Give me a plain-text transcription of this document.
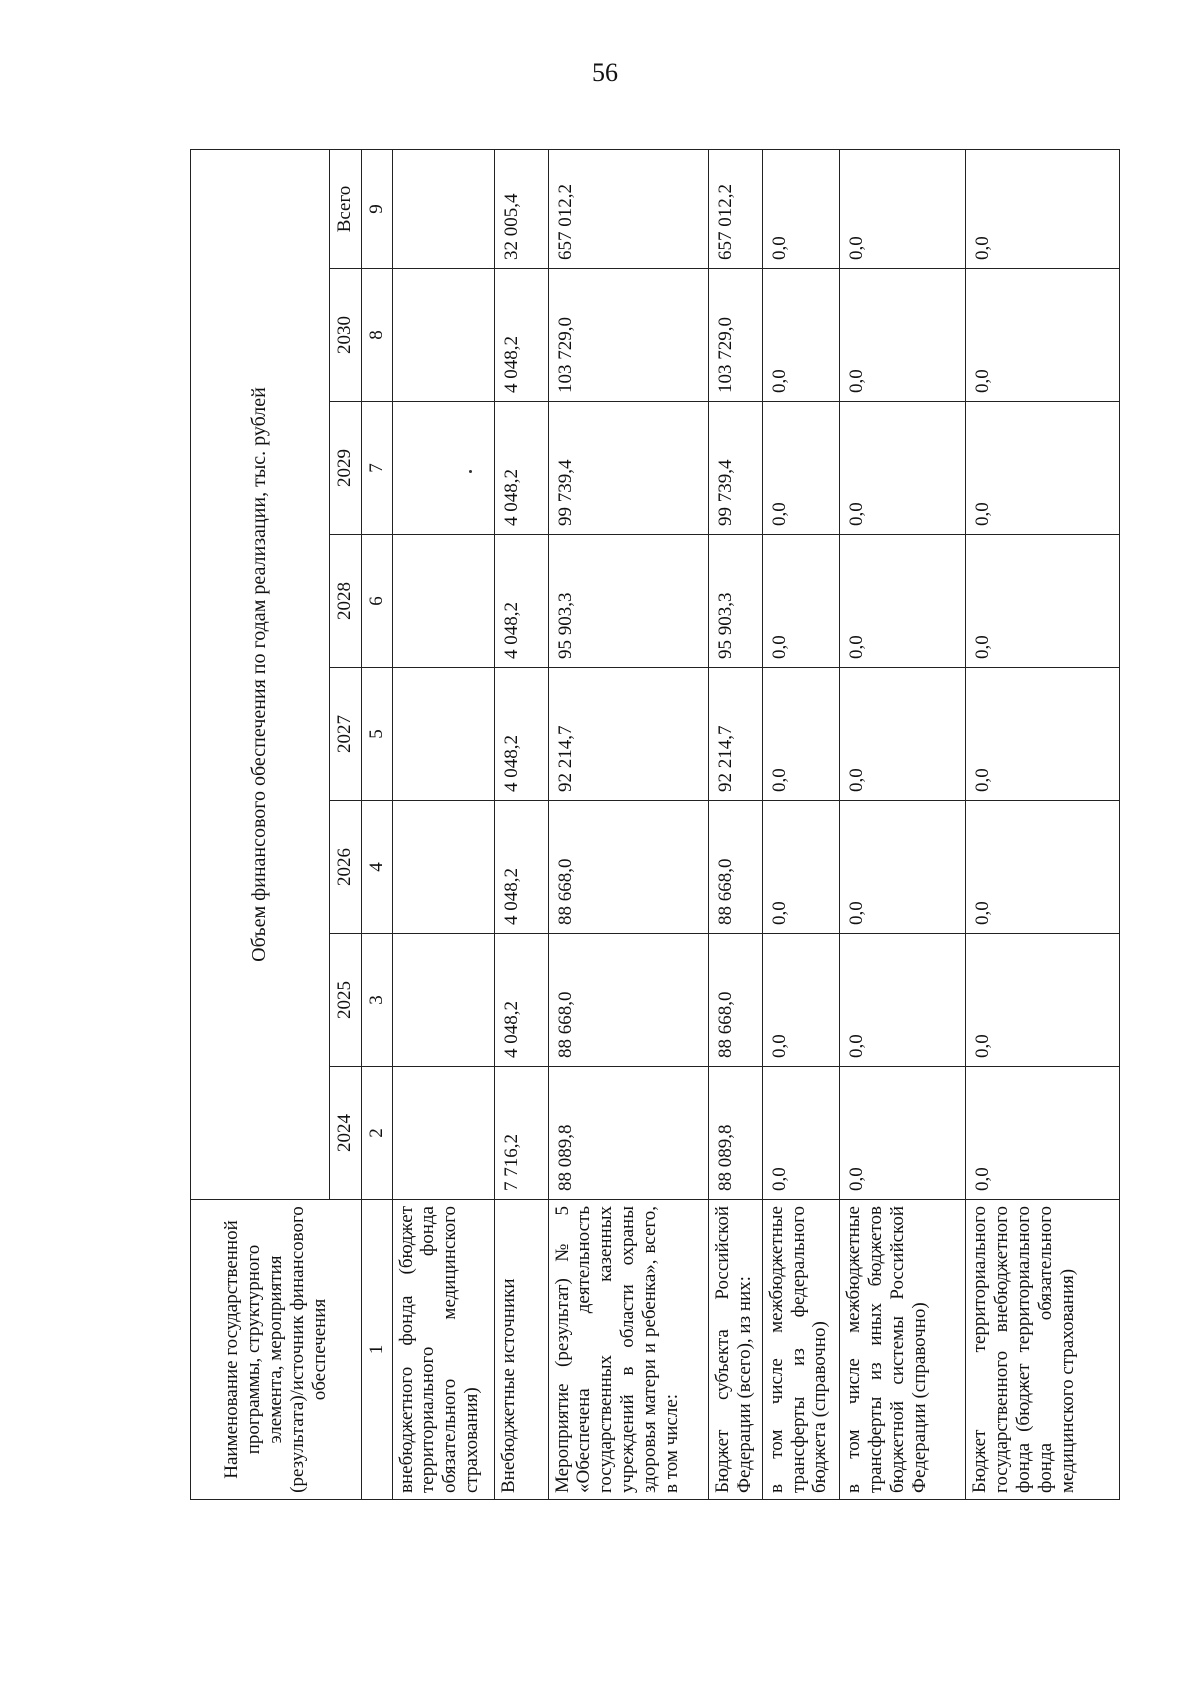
56
Наименование государственной программы, структурного элемента, мероприятия (результата)/источник финансового обеспечения	Объем финансового обеспечения по годам реализации, тыс. рублей							
	2024	2025	2026	2027	2028	2029	2030	Всего
1	2	3	4	5	6	7	8	9
внебюджетного фонда (бюджет территориального фонда обязательного медицинского страхования)								
Внебюджетные источники	7 716,2	4 048,2	4 048,2	4 048,2	4 048,2	4 048,2	4 048,2	32 005,4
Мероприятие (результат) № 5 «Обеспечена деятельность государственных казенных учреждений в области охраны здоровья матери и ребенка», всего, в том числе:	88 089,8	88 668,0	88 668,0	92 214,7	95 903,3	99 739,4	103 729,0	657 012,2
Бюджет субъекта Российской Федерации (всего), из них:	88 089,8	88 668,0	88 668,0	92 214,7	95 903,3	99 739,4	103 729,0	657 012,2
в том числе межбюджетные трансферты из федерального бюджета (справочно)	0,0	0,0	0,0	0,0	0,0	0,0	0,0	0,0
в том числе межбюджетные трансферты из иных бюджетов бюджетной системы Российской Федерации (справочно)	0,0	0,0	0,0	0,0	0,0	0,0	0,0	0,0
Бюджет территориального государственного внебюджетного фонда (бюджет территориального фонда обязательного медицинского страхования)	0,0	0,0	0,0	0,0	0,0	0,0	0,0	0,0
